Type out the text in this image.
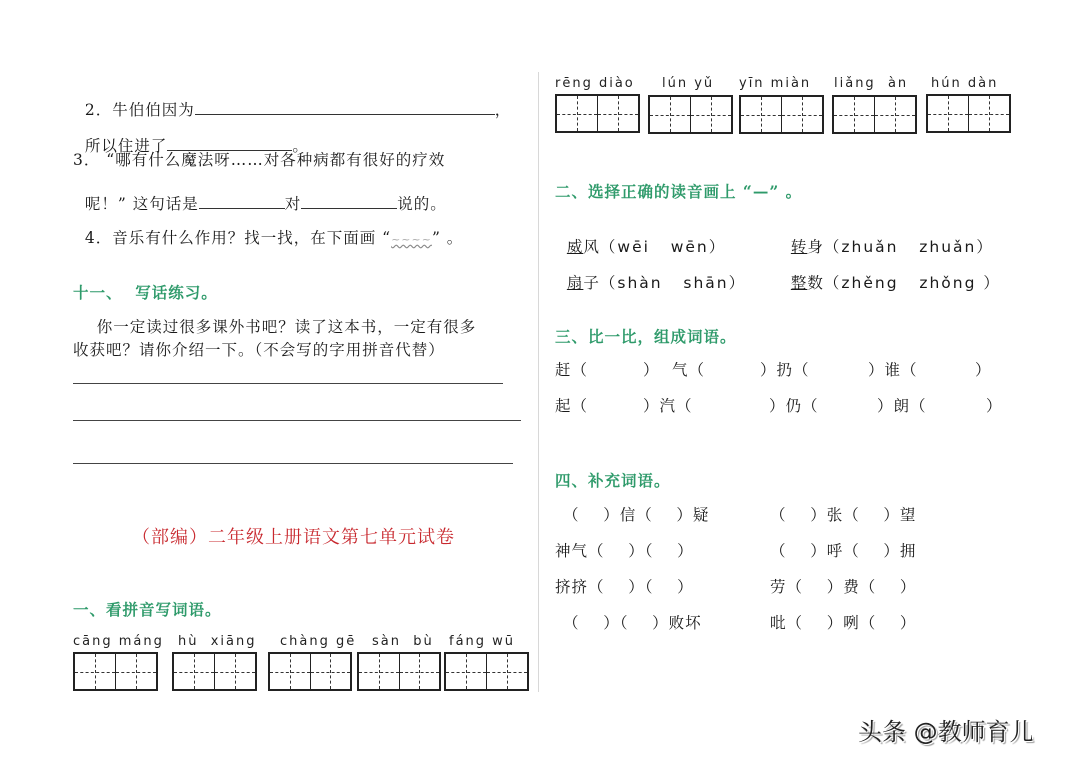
2．牛伯伯因为	，

所以住进了	。

3． “哪有什么魔法呀……对各种病都有很好的疗效

呢！” 这句话是	对	说的。

4．音乐有什么作用？找一找，在下面画 “~~~~” 。

十一、  写话练习。
你一定读过很多课外书吧？读了这本书，一定有很多
收获吧？请你介绍一下。（不会写的字用拼音代替）
（部编）二年级上册语文第七单元试卷
一、看拼音写词语。
cāng máng hù  xiāng chàng gē sàn  bù fáng wū
rēng diào lún yǔ yīn miàn liǎng  àn hún dàn
二、选择正确的读音画上 “—” 。

威风（wēi   wēn）	转身（zhuǎn   zhuǎn）

扇子（shàn   shān）	整数（zhěng   zhǒng ）

三、比一比，组成词语。
赶（	） 气（	）扔（	）谁（	）
起（	）汽（	）仍（	）朗（	）
四、补充词语。
（    ）信（    ）疑	（    ）张（    ）望
神气（    ）（    ）	（    ）呼（    ）拥
挤挤（    ）（    ）	劳（    ）费（    ）
（    ）（    ）败坏	吡（    ）咧（    ）
头条 @教师育儿
